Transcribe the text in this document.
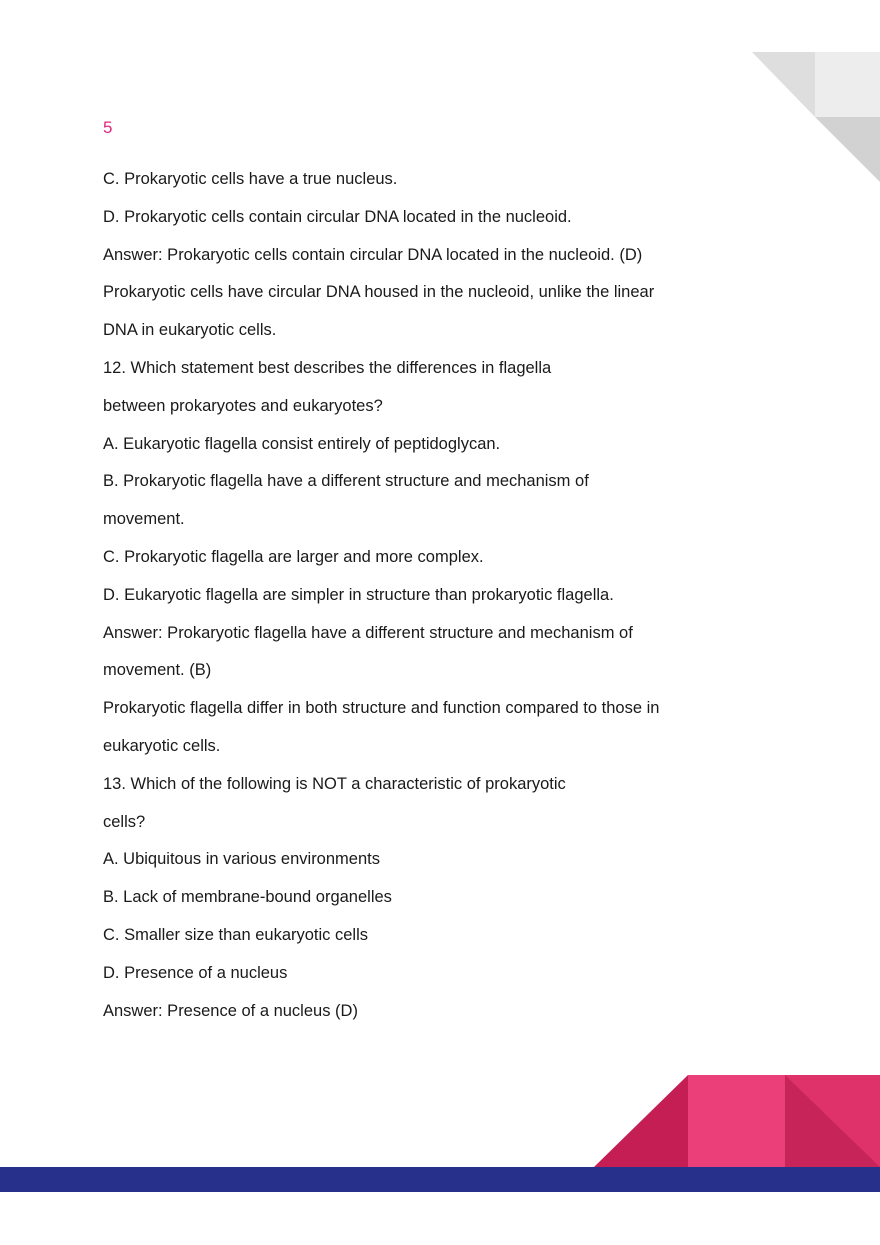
5
C. Prokaryotic cells have a true nucleus.
D. Prokaryotic cells contain circular DNA located in the nucleoid.
Answer: Prokaryotic cells contain circular DNA located in the nucleoid. (D)
Prokaryotic cells have circular DNA housed in the nucleoid, unlike the linear
DNA in eukaryotic cells.
12. Which statement best describes the differences in flagella
between prokaryotes and eukaryotes?
A. Eukaryotic flagella consist entirely of peptidoglycan.
B. Prokaryotic flagella have a different structure and mechanism of
movement.
C. Prokaryotic flagella are larger and more complex.
D. Eukaryotic flagella are simpler in structure than prokaryotic flagella.
Answer: Prokaryotic flagella have a different structure and mechanism of
movement. (B)
Prokaryotic flagella differ in both structure and function compared to those in
eukaryotic cells.
13. Which of the following is NOT a characteristic of prokaryotic
cells?
A. Ubiquitous in various environments
B. Lack of membrane-bound organelles
C. Smaller size than eukaryotic cells
D. Presence of a nucleus
Answer: Presence of a nucleus (D)
